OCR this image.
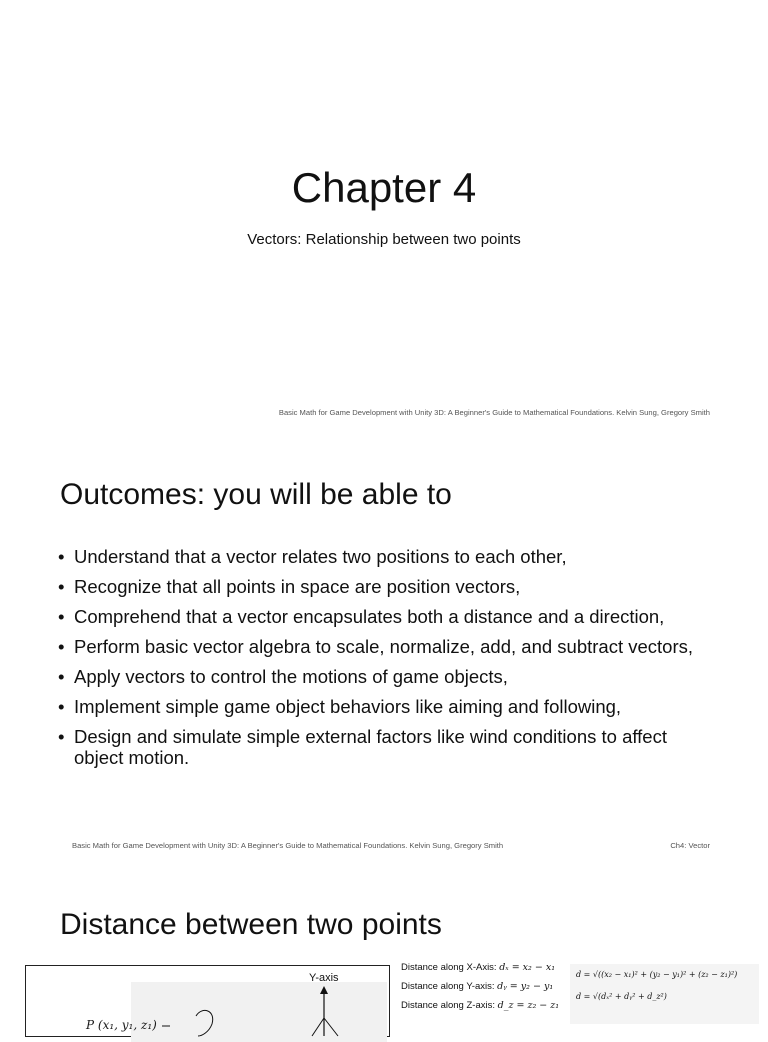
Chapter 4
Vectors: Relationship between two points
Basic Math for Game Development with Unity 3D: A Beginner's Guide to Mathematical Foundations. Kelvin Sung, Gregory Smith
Outcomes: you will be able to
• Understand that a vector relates two positions to each other,
• Recognize that all points in space are position vectors,
• Comprehend that a vector encapsulates both a distance and a direction,
• Perform basic vector algebra to scale, normalize, add, and subtract vectors,
• Apply vectors to control the motions of game objects,
• Implement simple game object behaviors like aiming and following,
• Design and simulate simple external factors like wind conditions to affect object motion.
Basic Math for Game Development with Unity 3D: A Beginner's Guide to Mathematical Foundations. Kelvin Sung, Gregory Smith	Ch4: Vector
Distance between two points
Y-axis
P (x₁, y₁, z₁)
Distance along X-Axis: dₓ = x₂ − x₁
Distance along Y-axis: dᵧ = y₂ − y₁
Distance along Z-axis: d_z = z₂ − z₁
d = √((x₂ − x₁)² + (y₂ − y₁)² + (z₂ − z₁)²)
d = √(dₓ² + dᵧ² + d_z²)
